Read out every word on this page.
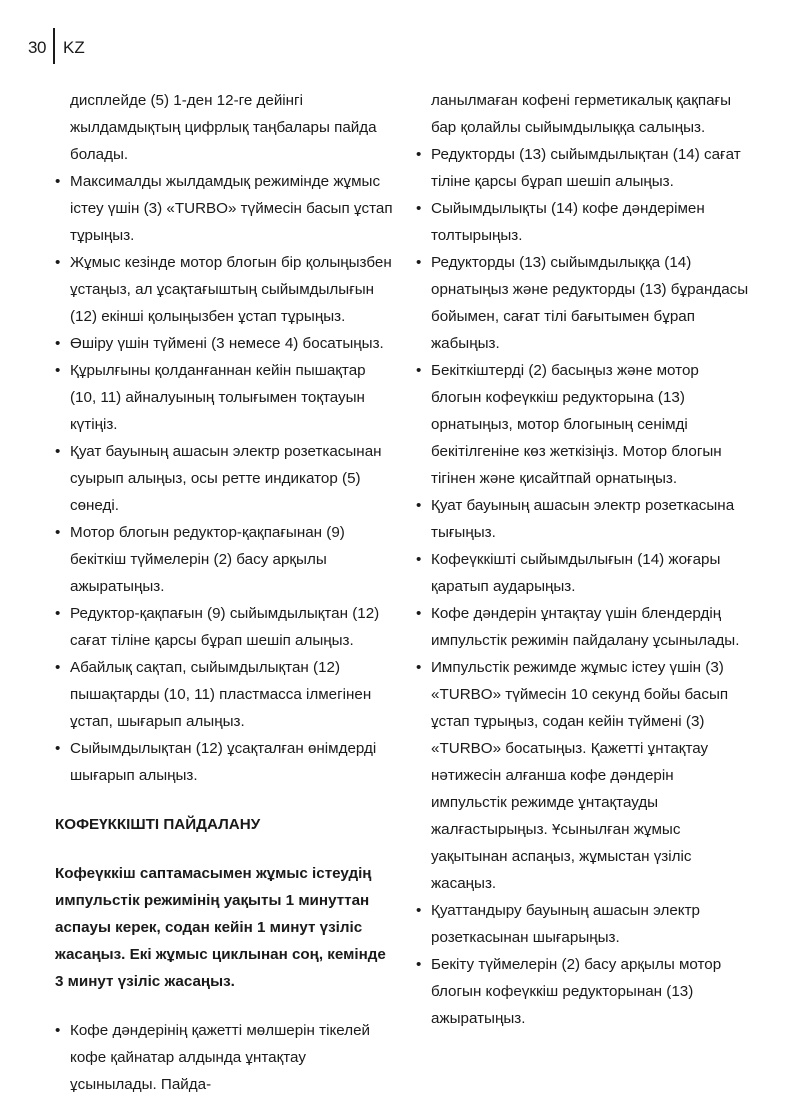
30 KZ

дисплейде (5) 1-ден 12-ге дейінгі жылдамдықтың цифрлық таңбалары пайда болады.

• Максималды жылдамдық режимінде жұмыс істеу үшін (3) «TURBO» түймесін басып ұстап тұрыңыз.
• Жұмыс кезінде мотор блогын бір қолыңызбен ұстаңыз, ал ұсақтағыштың сыйымдылығын (12) екінші қолыңызбен ұстап тұрыңыз.
• Өшіру үшін түймені (3 немесе 4) босатыңыз.
• Құрылғыны қолданғаннан кейін пышақтар (10, 11) айналуының толығымен тоқтауын күтіңіз.
• Қуат бауының ашасын электр розеткасынан суырып алыңыз, осы ретте индикатор (5) сөнеді.
• Мотор блогын редуктор-қақпағынан (9) бекіткіш түймелерін (2) басу арқылы ажыратыңыз.
• Редуктор-қақпағын (9) сыйымдылықтан (12) сағат тіліне қарсы бұрап шешіп алыңыз.
• Абайлық сақтап, сыйымдылықтан (12) пышақтарды (10, 11) пластмасса ілмегінен ұстап, шығарып алыңыз.
• Сыйымдылықтан (12) ұсақталған өнімдерді шығарып алыңыз.

КОФЕҮККІШТІ ПАЙДАЛАНУ

Кофеүккіш саптамасымен жұмыс істеудің импульстік режимінің уақыты 1 минуттан аспауы керек, содан кейін 1 минут үзіліс жасаңыз. Екі жұмыс циклынан соң, кемінде 3 минут үзіліс жасаңыз.

• Кофе дәндерінің қажетті мөлшерін тікелей кофе қайнатар алдында ұнтақтау ұсынылады. Пайда-

ланылмаған кофені герметикалық қақпағы бар қолайлы сыйымдылыққа салыңыз.

• Редукторды (13) сыйымдылықтан (14) сағат тіліне қарсы бұрап шешіп алыңыз.
• Сыйымдылықты (14) кофе дәндерімен толтырыңыз.
• Редукторды (13) сыйымдылыққа (14) орнатыңыз және редукторды (13) бұрандасы бойымен, сағат тілі бағытымен бұрап жабыңыз.
• Бекіткіштерді (2) басыңыз және мотор блогын кофеүккіш редукторына (13) орнатыңыз, мотор блогының сенімді бекітілгеніне көз жеткізіңіз. Мотор блогын тігінен және қисайтпай орнатыңыз.
• Қуат бауының ашасын электр розеткасына тығыңыз.
• Кофеүккішті сыйымдылығын (14) жоғары қаратып аударыңыз.
• Кофе дәндерін ұнтақтау үшін блендердің импульстік режимін пайдалану ұсынылады.
• Импульстік режимде жұмыс істеу үшін (3) «TURBO» түймесін 10 секунд бойы басып ұстап тұрыңыз, содан кейін түймені (3) «TURBO» босатыңыз. Қажетті ұнтақтау нәтижесін алғанша кофе дәндерін импульстік режимде ұнтақтауды жалғастырыңыз. Ұсынылған жұмыс уақытынан аспаңыз, жұмыстан үзіліс жасаңыз.
• Қуаттандыру бауының ашасын электр розеткасынан шығарыңыз.
• Бекіту түймелерін (2) басу арқылы мотор блогын кофеүккіш редукторынан (13) ажыратыңыз.
